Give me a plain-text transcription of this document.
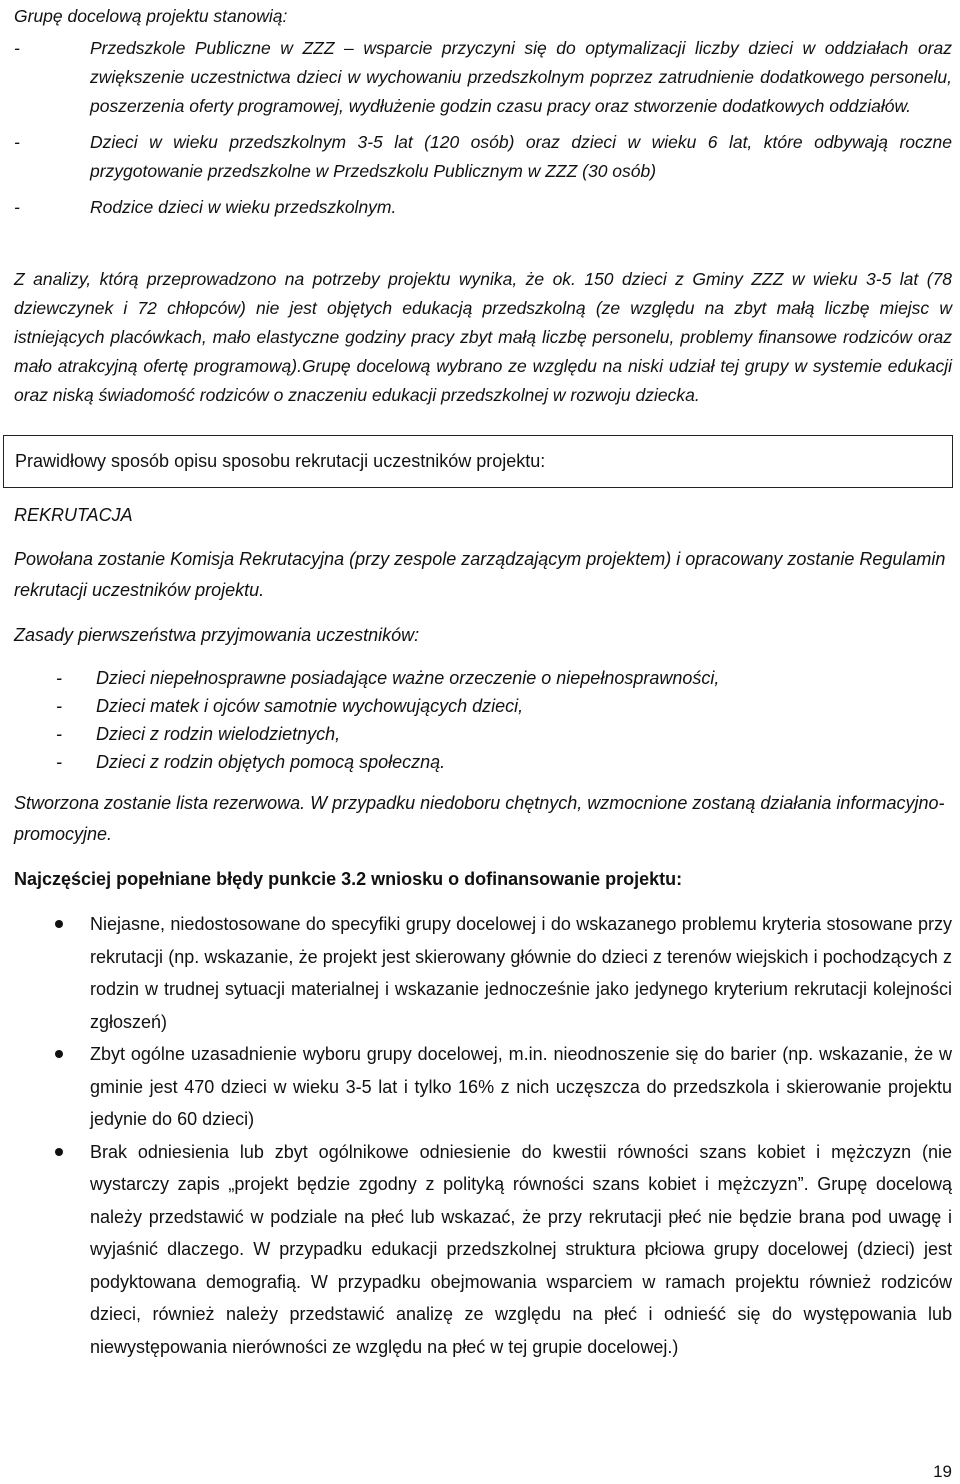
Grupę docelową projektu stanowią:

-	Przedszkole Publiczne w ZZZ – wsparcie przyczyni się do optymalizacji liczby dzieci w oddziałach oraz zwiększenie uczestnictwa dzieci w wychowaniu przedszkolnym poprzez zatrudnienie dodatkowego personelu, poszerzenia oferty programowej, wydłużenie godzin czasu pracy oraz stworzenie dodatkowych oddziałów.
-	Dzieci w wieku przedszkolnym 3-5 lat (120 osób) oraz dzieci w wieku 6 lat, które odbywają roczne przygotowanie przedszkolne w Przedszkolu Publicznym w ZZZ (30 osób)
-	Rodzice dzieci w wieku przedszkolnym.

Z analizy, którą przeprowadzono na potrzeby projektu wynika, że ok. 150 dzieci z Gminy ZZZ w wieku 3-5 lat (78 dziewczynek i 72 chłopców) nie jest objętych edukacją przedszkolną (ze względu na zbyt małą liczbę miejsc w istniejących placówkach, mało elastyczne godziny pracy zbyt małą liczbę personelu, problemy finansowe rodziców oraz mało atrakcyjną ofertę programową).Grupę docelową wybrano ze względu na niski udział tej grupy w systemie edukacji oraz niską świadomość rodziców o znaczeniu edukacji przedszkolnej w rozwoju dziecka.

Prawidłowy sposób opisu sposobu rekrutacji uczestników projektu:

REKRUTACJA

Powołana zostanie Komisja Rekrutacyjna (przy zespole zarządzającym projektem) i opracowany zostanie Regulamin rekrutacji uczestników projektu.

Zasady pierwszeństwa przyjmowania uczestników:

- Dzieci niepełnosprawne posiadające ważne orzeczenie o niepełnosprawności,
- Dzieci matek i ojców samotnie wychowujących dzieci,
- Dzieci z rodzin wielodzietnych,
- Dzieci z rodzin objętych pomocą społeczną.

Stworzona zostanie lista rezerwowa. W przypadku niedoboru chętnych, wzmocnione zostaną działania informacyjno-promocyjne.

Najczęściej popełniane błędy punkcie 3.2 wniosku o dofinansowanie projektu:

Niejasne, niedostosowane do specyfiki grupy docelowej i do wskazanego problemu kryteria stosowane przy rekrutacji (np. wskazanie, że projekt jest skierowany głównie do dzieci z terenów wiejskich i pochodzących z rodzin w trudnej sytuacji materialnej i wskazanie jednocześnie jako jedynego kryterium rekrutacji kolejności zgłoszeń)
Zbyt ogólne uzasadnienie wyboru grupy docelowej, m.in. nieodnoszenie się do barier (np. wskazanie, że w gminie jest 470 dzieci w wieku 3-5 lat i tylko 16% z nich uczęszcza do przedszkola i skierowanie projektu jedynie do 60 dzieci)
Brak odniesienia lub zbyt ogólnikowe odniesienie do kwestii równości szans kobiet i mężczyzn (nie wystarczy zapis „projekt będzie zgodny z polityką równości szans kobiet i mężczyzn”. Grupę docelową należy przedstawić w podziale na płeć lub wskazać, że przy rekrutacji płeć nie będzie brana pod uwagę i wyjaśnić dlaczego. W przypadku edukacji przedszkolnej struktura płciowa grupy docelowej (dzieci) jest podyktowana demografią. W przypadku obejmowania wsparciem w ramach projektu również rodziców dzieci, również należy przedstawić analizę ze względu na płeć i odnieść się do występowania lub niewystępowania nierówności ze względu na płeć w tej grupie docelowej.)
19
